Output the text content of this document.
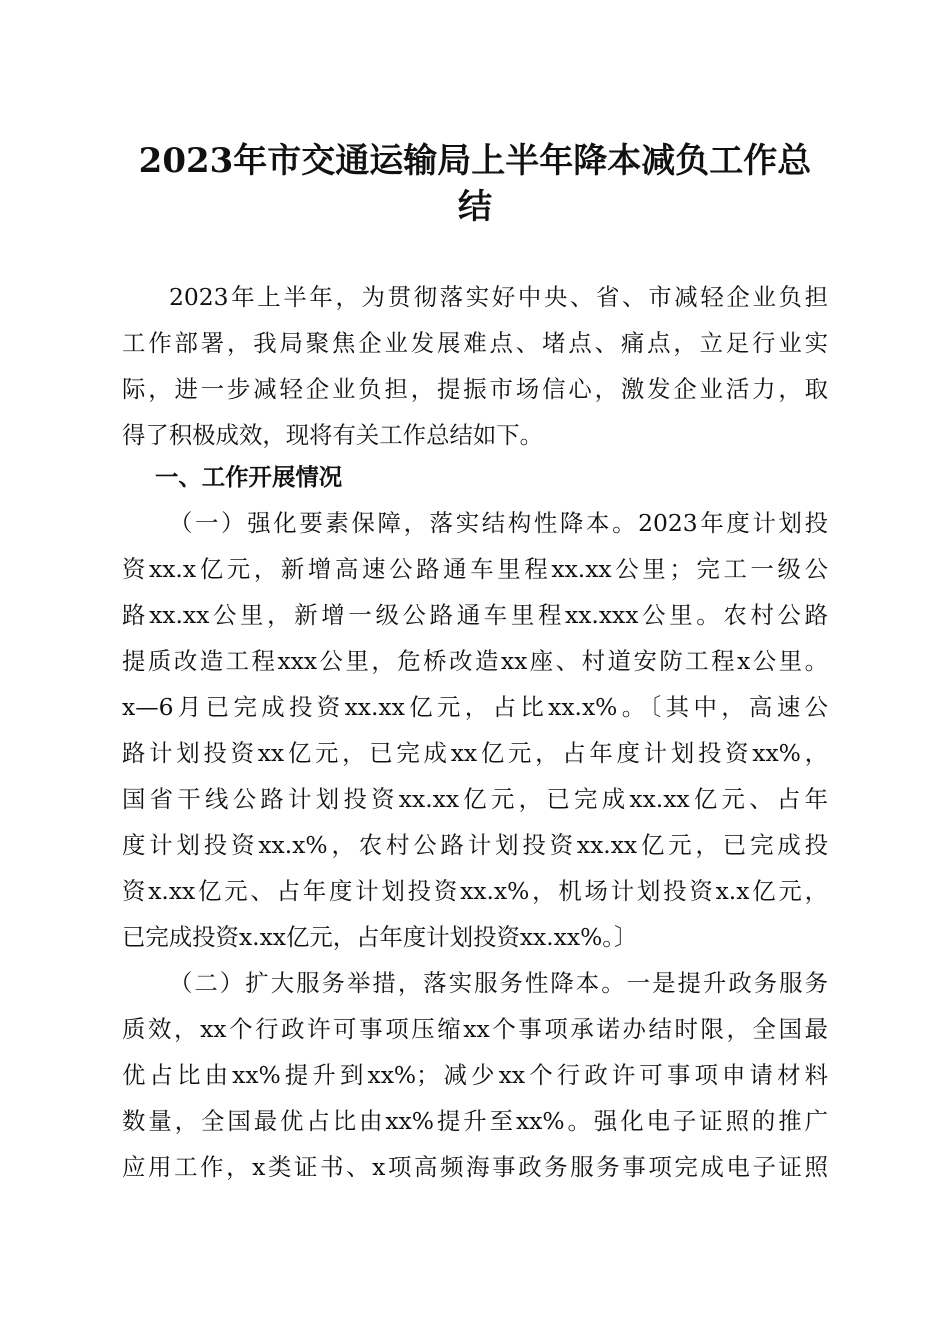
2023年市交通运输局上半年降本减负工作总
结

2023年上半年，为贯彻落实好中央、省、市减轻企业负担

工作部署，我局聚焦企业发展难点、堵点、痛点，立足行业实

际，进一步减轻企业负担，提振市场信心，激发企业活力，取

得了积极成效，现将有关工作总结如下。

一、工作开展情况

（一）强化要素保障，落实结构性降本。2023年度计划投

资xx.x亿元，新增高速公路通车里程xx.xx公里；完工一级公

路xx.xx公里，新增一级公路通车里程xx.xxx公里。农村公路

提质改造工程xxx公里，危桥改造xx座、村道安防工程x公里。

x—6月已完成投资xx.xx亿元，占比xx.x%。〔其中，高速公

路计划投资xx亿元，已完成xx亿元，占年度计划投资xx%，

国省干线公路计划投资xx.xx亿元，已完成xx.xx亿元、占年

度计划投资xx.x%，农村公路计划投资xx.xx亿元，已完成投

资x.xx亿元、占年度计划投资xx.x%，机场计划投资x.x亿元，

已完成投资x.xx亿元，占年度计划投资xx.xx%。〕

（二）扩大服务举措，落实服务性降本。一是提升政务服务

质效，xx个行政许可事项压缩xx个事项承诺办结时限，全国最

优占比由xx%提升到xx%；减少xx个行政许可事项申请材料

数量，全国最优占比由xx%提升至xx%。强化电子证照的推广

应用工作，x类证书、x项高频海事政务服务事项完成电子证照
